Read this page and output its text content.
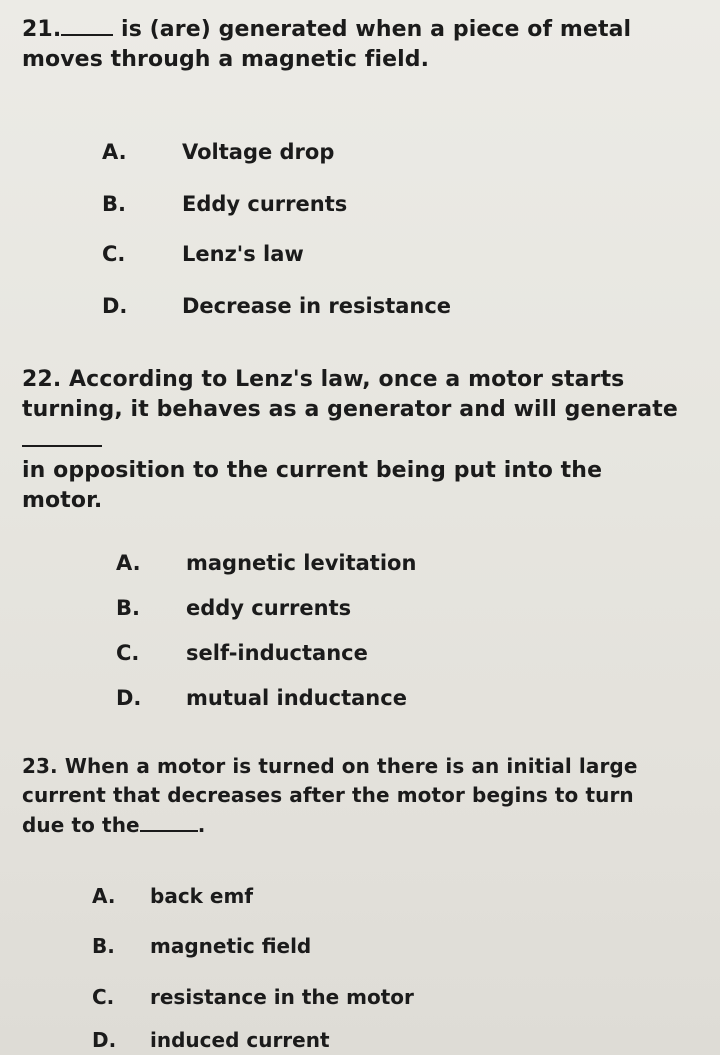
21.	is (are) generated when a piece of metal
moves through a magnetic field.
A.	Voltage drop
B.	Eddy currents
C.	Lenz's law
D.	Decrease in resistance
22. According to Lenz's law, once a motor starts
turning, it behaves as a generator and will generate
in opposition to the current being put into the
motor.
A. magnetic levitation
B. eddy currents
C. self-inductance
D. mutual inductance
23. When a motor is turned on there is an initial large
current that decreases after the motor begins to turn
due to the	.
A. back emf
B. magnetic field
C. resistance in the motor
D. induced current
